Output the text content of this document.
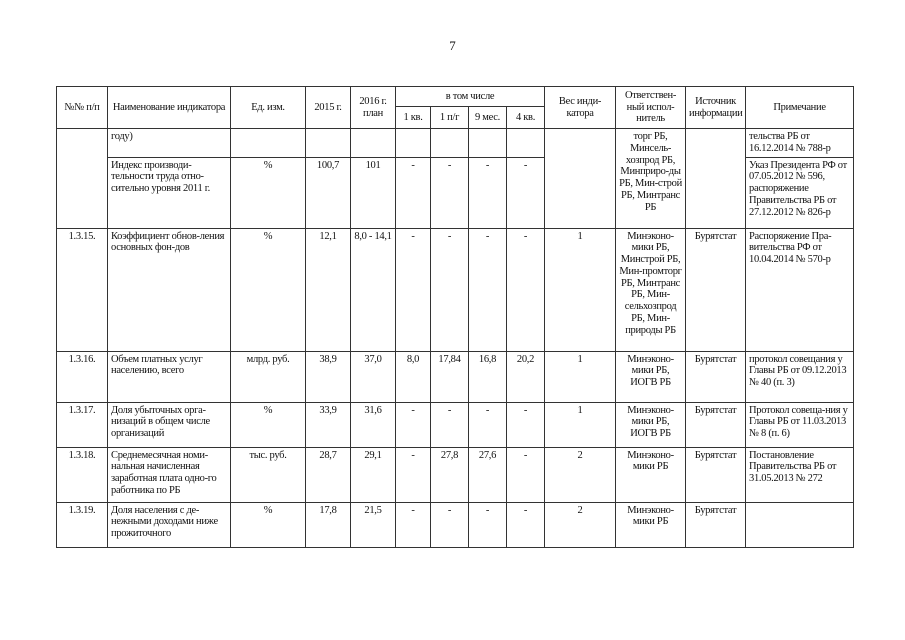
7
№№ п/п	Наименование индикатора	Ед. изм.	2015 г.	2016 г. план	в том числе				Вес инди-катора	Ответствен-ный испол-нитель	Источник информации	Примечание
					1 кв.	1 п/г	9 мес.	4 кв.				
	году)									торг РБ, Минсель-хозпрод РБ, Минприро-ды РБ, Мин-строй РБ, Минтранс РБ		тельства РБ от 16.12.2014 № 788-р
	Индекс производи-тельности труда отно-сительно уровня 2011 г.	%	100,7	101	-	-	-	-				Указ Президента РФ от 07.05.2012 № 596, распоряжение Правительства РБ от 27.12.2012 № 826-р
1.3.15.	Коэффициент обнов-ления основных фон-дов	%	12,1	8,0 - 14,1	-	-	-	-	1	Минэконо-мики РБ, Минстрой РБ, Мин-промторг РБ, Минтранс РБ, Мин-сельхозпрод РБ, Мин-природы РБ	Бурятстат	Распоряжение Пра-вительства РФ от 10.04.2014 № 570-р
1.3.16.	Объем платных услуг населению, всего	млрд. руб.	38,9	37,0	8,0	17,84	16,8	20,2	1	Минэконо-мики РБ, ИОГВ РБ	Бурятстат	протокол совещания у Главы РБ от 09.12.2013 № 40 (п. 3)
1.3.17.	Доля убыточных орга-низаций в общем числе организаций	%	33,9	31,6	-	-	-	-	1	Минэконо-мики РБ, ИОГВ РБ	Бурятстат	Протокол совеща-ния у Главы РБ от 11.03.2013 № 8 (п. 6)
1.3.18.	Среднемесячная номи-нальная начисленная заработная плата одно-го работника по РБ	тыс. руб.	28,7	29,1	-	27,8	27,6	-	2	Минэконо-мики РБ	Бурятстат	Постановление Правительства РБ от 31.05.2013 № 272
1.3.19.	Доля населения с де-нежными доходами ниже прожиточного	%	17,8	21,5	-	-	-	-	2	Минэконо-мики РБ	Бурятстат	
